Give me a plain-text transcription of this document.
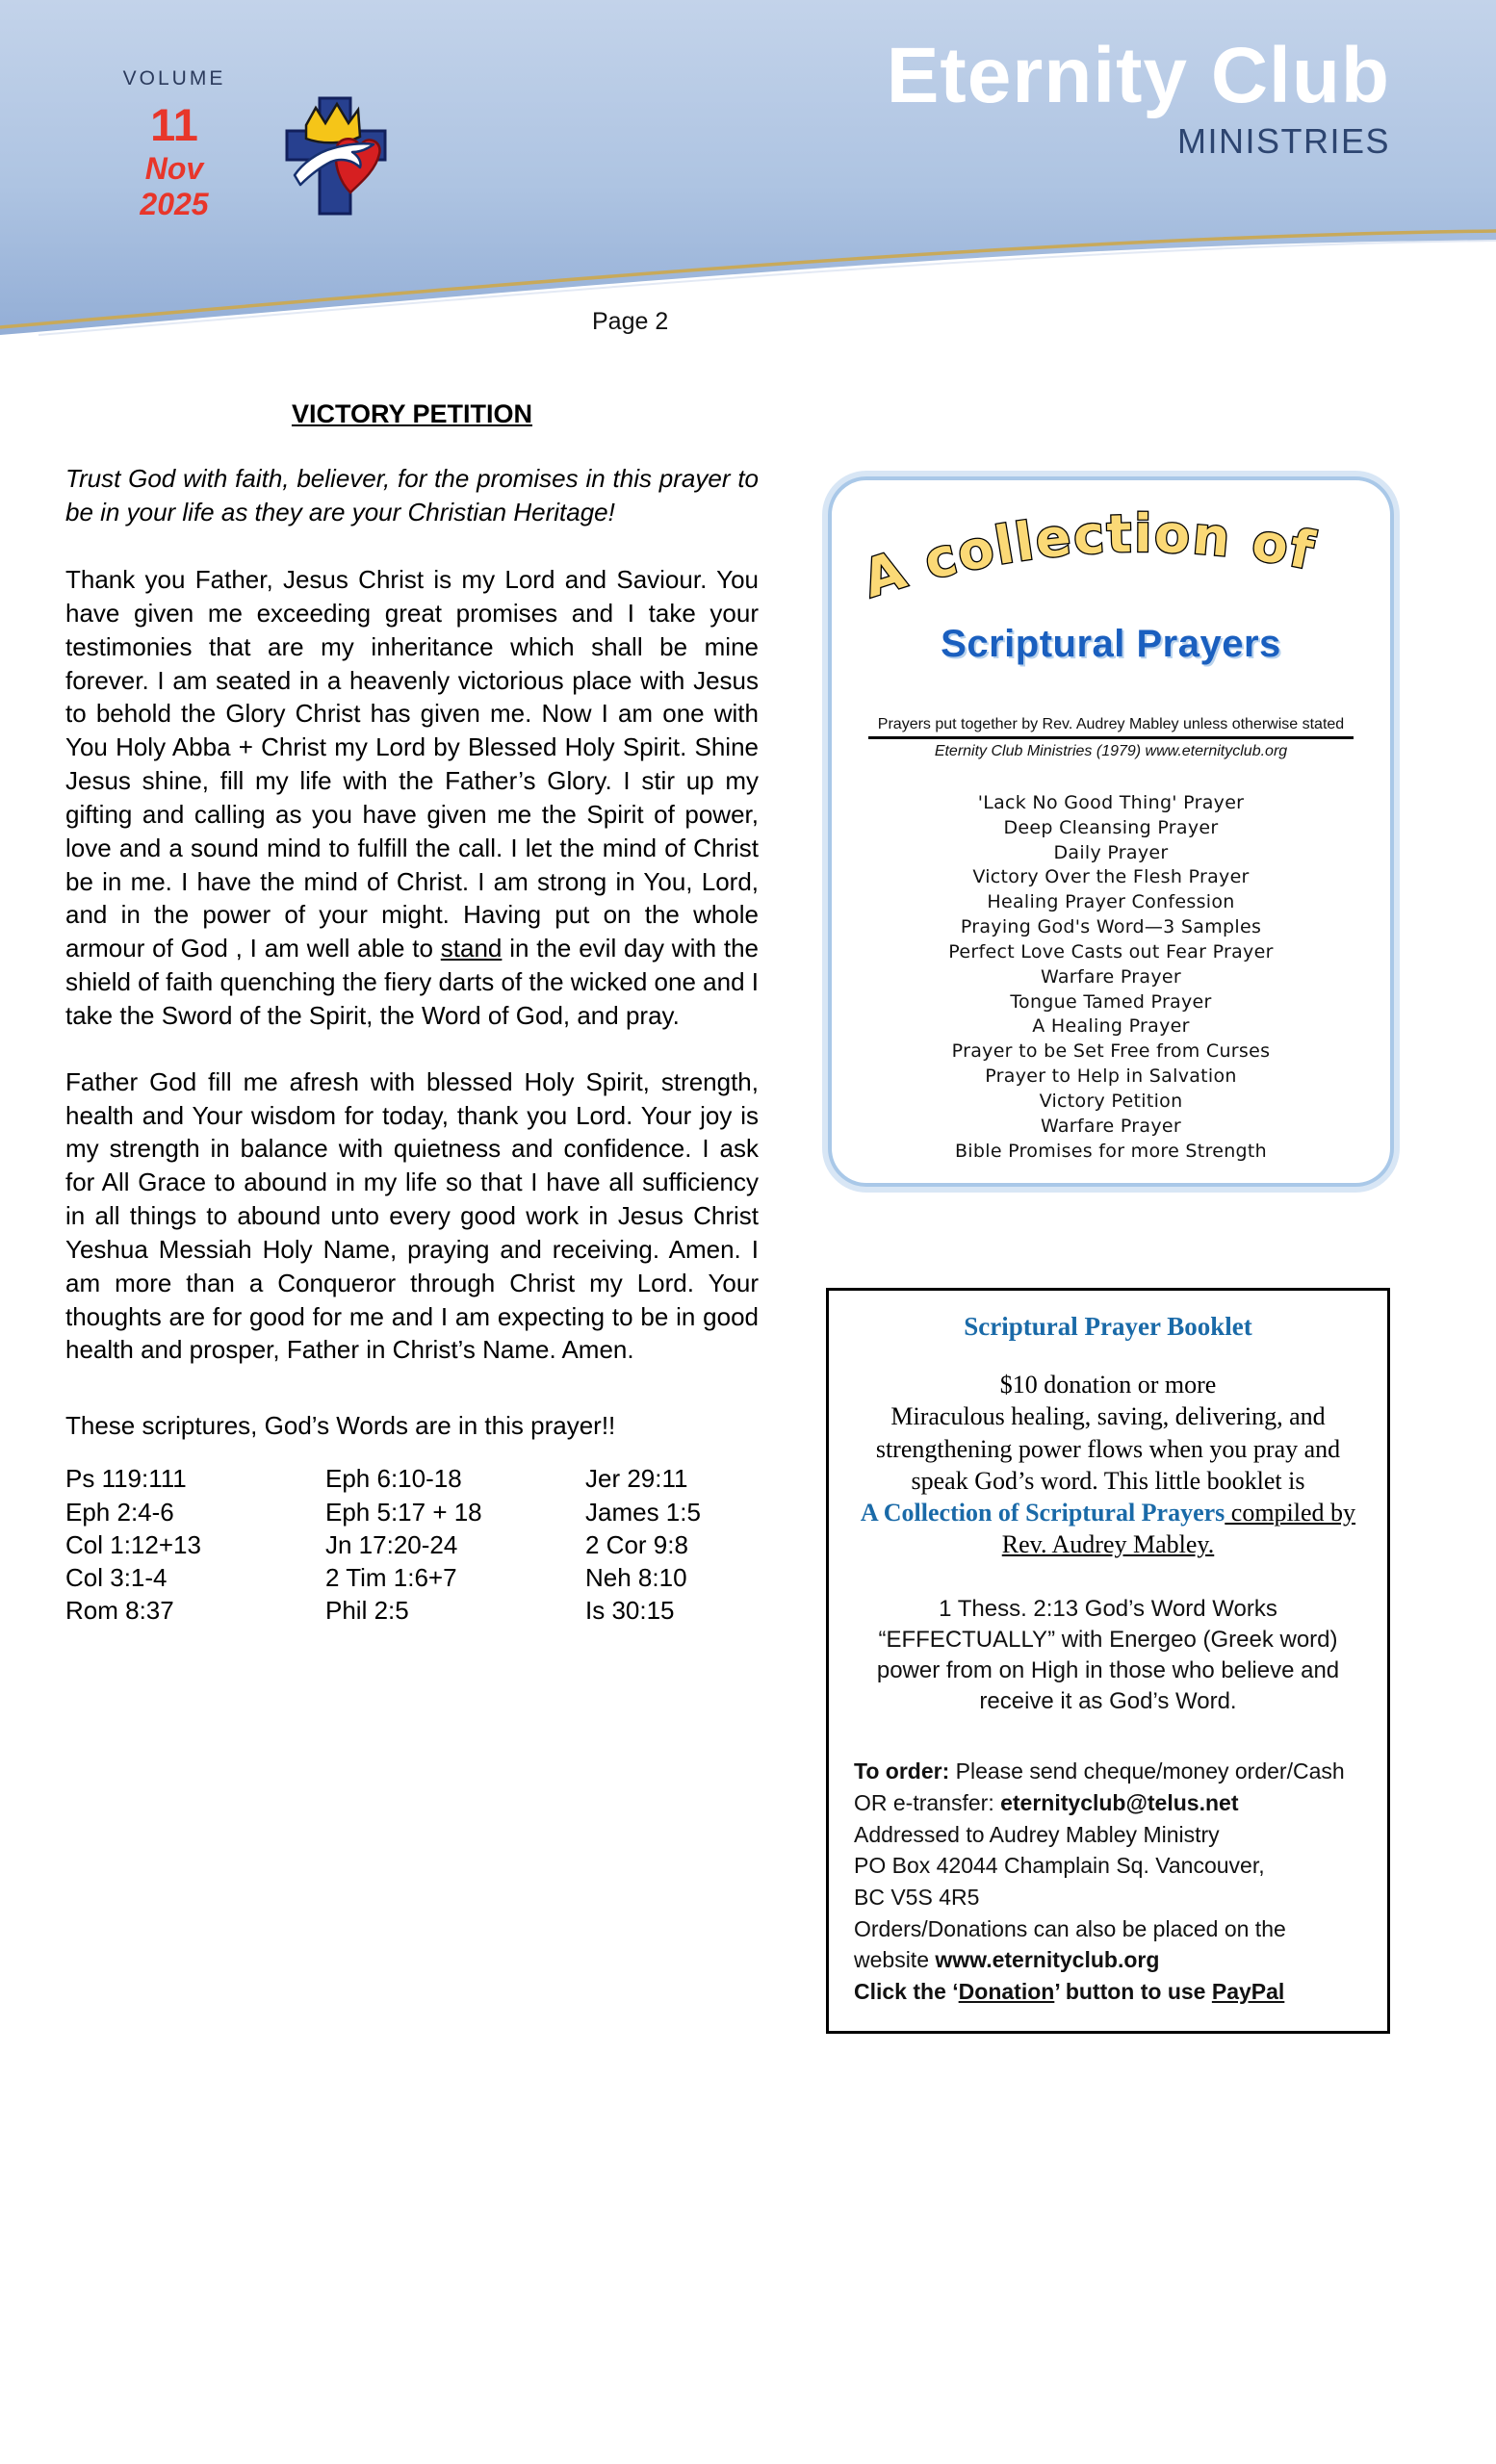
VOLUME
11
Nov
2025
Eternity Club
MINISTRIES
Page 2
VICTORY PETITION

Trust God with faith, believer, for the promises in this prayer to be in your life as they are your Christian Heritage!

Thank you Father, Jesus Christ is my Lord and Saviour. You have given me exceeding great promises and I take your testimonies that are my inheritance which shall be mine forever. I am seated in a heavenly victorious place with Jesus to behold the Glory Christ has given me. Now I am one with You Holy Abba + Christ my Lord by Blessed Holy Spirit. Shine Jesus shine, fill my life with the Father’s Glory. I stir up my gifting and calling as you have given me the Spirit of power, love and a sound mind to fulfill the call. I let the mind of Christ be in me. I have the mind of Christ. I am strong in You, Lord, and in the power of your might. Having put on the whole armour of God , I am well able to stand in the evil day with the shield of faith quenching the fiery darts of the wicked one and I take the Sword of the Spirit, the Word of God, and pray.

Father God fill me afresh with blessed Holy Spirit, strength, health and Your wisdom for today, thank you Lord. Your joy is my strength in balance with quietness and confidence. I ask for All Grace to abound in my life so that I have all sufficiency in all things to abound unto every good work in Jesus Christ Yeshua Messiah Holy Name, praying and receiving. Amen. I am more than a Conqueror through Christ my Lord. Your thoughts are for good for me and I am expecting to be in good health and prosper, Father in Christ’s Name. Amen.

These scriptures, God’s Words are in this prayer!!
Ps 119:111
Eph 2:4-6
Col 1:12+13
Col 3:1-4
Rom 8:37
Eph 6:10-18
Eph 5:17 + 18
Jn 17:20-24
2 Tim 1:6+7
Phil 2:5
Jer 29:11
James 1:5
2 Cor 9:8
Neh 8:10
Is 30:15
A collection of
Scriptural Prayers
Prayers put together by Rev. Audrey Mabley unless otherwise stated
Eternity Club Ministries (1979) www.eternityclub.org
'Lack No Good Thing' Prayer
Deep Cleansing Prayer
Daily Prayer
Victory Over the Flesh Prayer
Healing Prayer Confession
Praying God's Word—3 Samples
Perfect Love Casts out Fear Prayer
Warfare Prayer
Tongue Tamed Prayer
A Healing Prayer
Prayer to be Set Free from Curses
Prayer to Help in Salvation
Victory Petition
Warfare Prayer
Bible Promises for more Strength
Scriptural Prayer Booklet
$10 donation or more
Miraculous healing, saving, delivering, and
strengthening power flows when you pray and
speak God’s word. This little booklet is
A Collection of Scriptural Prayers compiled by Rev. Audrey Mabley.
1 Thess. 2:13 God’s Word Works “EFFECTUALLY” with Energeo (Greek word) power from on High in those who believe and receive it as God’s Word.
To order: Please send cheque/money order/Cash
OR e-transfer: eternityclub@telus.net
Addressed to Audrey Mabley Ministry
PO Box 42044 Champlain Sq. Vancouver,
BC V5S 4R5
Orders/Donations can also be placed on the
website www.eternityclub.org
Click the ‘Donation’ button to use PayPal
